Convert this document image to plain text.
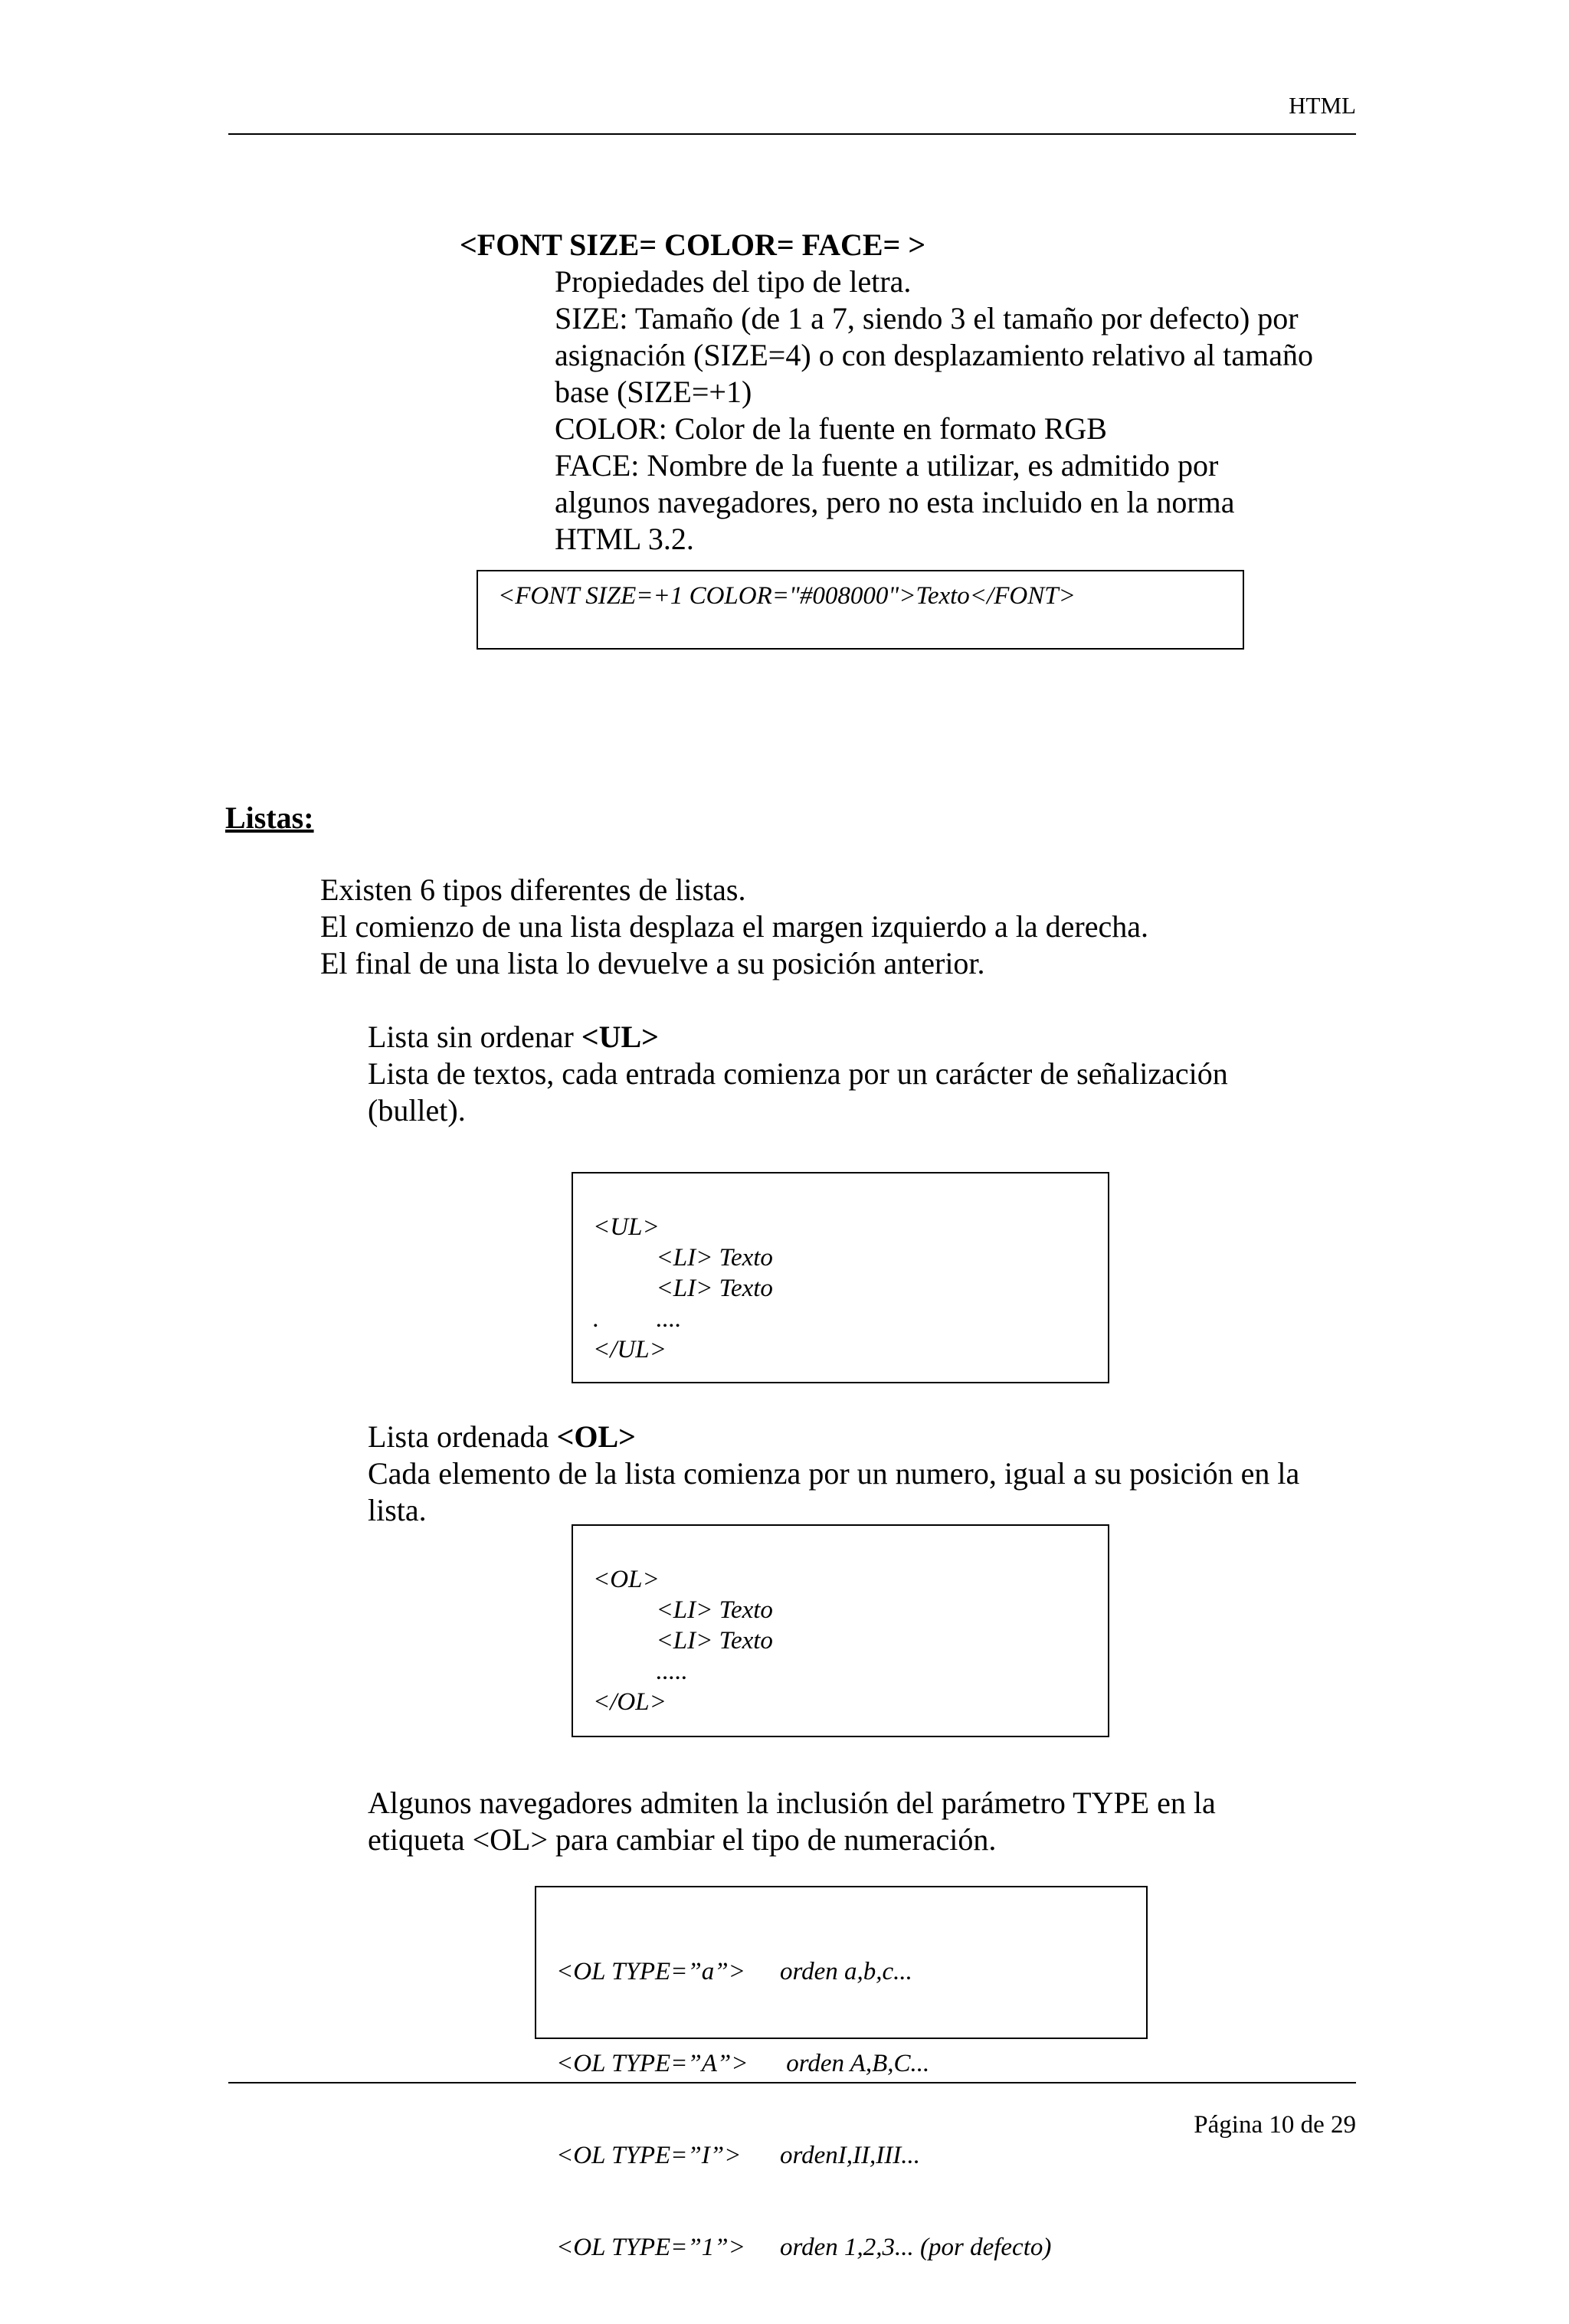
HTML
<FONT SIZE= COLOR= FACE= >
Propiedades del tipo de letra.
SIZE: Tamaño (de 1 a 7, siendo 3 el tamaño por defecto) por
asignación (SIZE=4) o con desplazamiento relativo al tamaño
base (SIZE=+1)
COLOR: Color de la fuente en formato RGB
FACE: Nombre de la fuente a utilizar, es admitido por
algunos navegadores, pero no esta incluido en la norma
HTML 3.2.
<FONT SIZE=+1 COLOR="#008000">Texto</FONT>
Listas:
Existen 6 tipos diferentes de listas.
El comienzo de una lista desplaza el margen izquierdo a la derecha.
El final de una lista lo devuelve a su posición anterior.
Lista sin ordenar <UL>
Lista de textos, cada entrada comienza por un carácter de señalización
(bullet).

<UL>
<LI> Texto
<LI> Texto
.         ....
</UL>

Lista ordenada <OL>
Cada elemento de la lista comienza por un numero, igual a su posición en la
lista.

<OL>
<LI> Texto
<LI> Texto
.....
</OL>

Algunos navegadores admiten la inclusión del parámetro TYPE en la
etiqueta <OL> para cambiar el tipo de numeración.

<OL TYPE=”a”>	orden a,b,c...

<OL TYPE=”A”>	orden A,B,C...

<OL TYPE=”I”>	ordenI,II,III...

<OL TYPE=”1”>	orden 1,2,3... (por defecto)

Página 10 de 29
